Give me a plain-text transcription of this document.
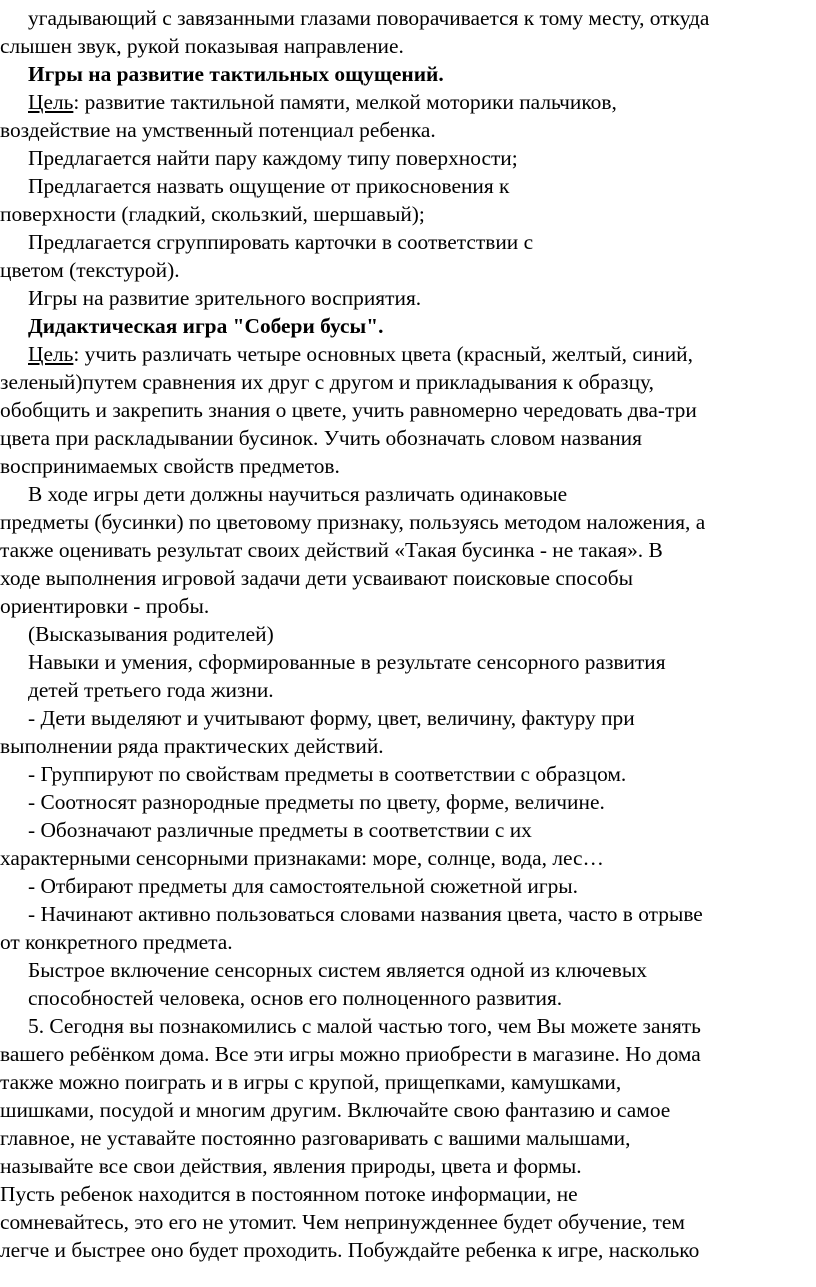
угадывающий с завязанными глазами поворачивается к тому месту, откуда
слышен звук, рукой показывая направление.
Игры на развитие тактильных ощущений.
Цель: развитие тактильной памяти, мелкой моторики пальчиков,
воздействие на умственный потенциал ребенка.
Предлагается найти пару каждому типу поверхности;
Предлагается назвать ощущение от прикосновения к
поверхности (гладкий, скользкий, шершавый);
Предлагается сгруппировать карточки в соответствии с
цветом (текстурой).
Игры на развитие зрительного восприятия.
Дидактическая игра "Собери бусы".
Цель: учить различать четыре основных цвета (красный, желтый, синий,
зеленый)путем сравнения их друг с другом и прикладывания к образцу,
обобщить и закрепить знания о цвете, учить равномерно чередовать два-три
цвета при раскладывании бусинок. Учить обозначать словом названия
воспринимаемых свойств предметов.
В ходе игры дети должны научиться различать одинаковые
предметы (бусинки) по цветовому признаку, пользуясь методом наложения, а
также оценивать результат своих действий «Такая бусинка - не такая». В
ходе выполнения игровой задачи дети усваивают поисковые способы
ориентировки - пробы.
(Высказывания родителей)
Навыки и умения, сформированные в результате сенсорного развития
детей третьего года жизни.
- Дети выделяют и учитывают форму, цвет, величину, фактуру при
выполнении ряда практических действий.
- Группируют по свойствам предметы в соответствии с образцом.
- Соотносят разнородные предметы по цвету, форме, величине.
- Обозначают различные предметы в соответствии с их
характерными сенсорными признаками: море, солнце, вода, лес…
- Отбирают предметы для самостоятельной сюжетной игры.
- Начинают активно пользоваться словами названия цвета, часто в отрыве
от конкретного предмета.
Быстрое включение сенсорных систем является одной из ключевых
способностей человека, основ его полноценного развития.
5. Сегодня вы познакомились с малой частью того, чем Вы можете занять
вашего ребёнком дома. Все эти игры можно приобрести в магазине. Но дома
также можно поиграть и в игры с крупой, прищепками, камушками,
шишками, посудой и многим другим. Включайте свою фантазию и самое
главное, не уставайте постоянно разговаривать с вашими малышами,
называйте все свои действия, явления природы, цвета и формы.
Пусть ребенок находится в постоянном потоке информации, не
сомневайтесь, это его не утомит. Чем непринужденнее будет обучение, тем
легче и быстрее оно будет проходить. Побуждайте ребенка к игре, насколько
